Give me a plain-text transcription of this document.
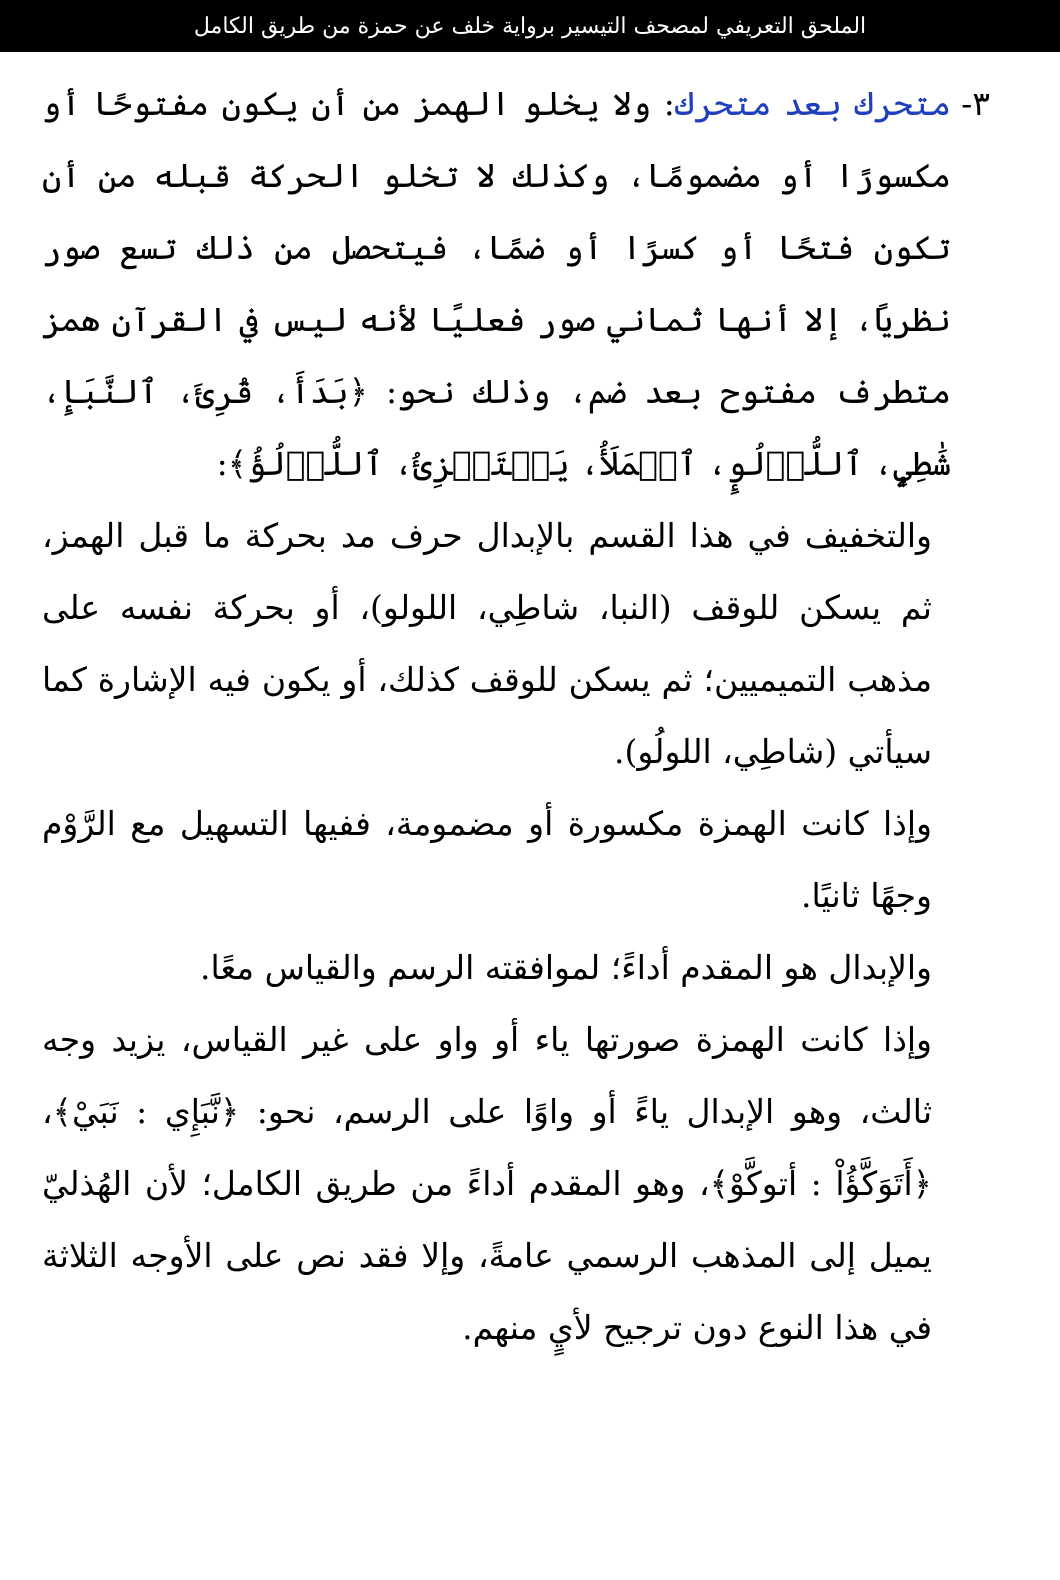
الملحق التعريفي لمصحف التيسير برواية خلف عن حمزة من طريق الكامل
٣-
متحرك بعد متحرك: ولا يخلو الهمز من أن يكون مفتوحًا أو مكسورًا أو مضمومًا، وكذلك لا تخلو الحركة قبله من أن تكون فتحًا أو كسرًا أو ضمًا، فيتحصل من ذلك تسع صور نظريًا، إلا أنها ثماني صور فعليًا لأنه ليس في القرآن همز متطرف مفتوح بعد ضم، وذلك نحو: ﴿بَدَأَ، قُرِئَ، ٱلنَّبَإِ، شَٰطِيِٕ، ٱللُّؤۡلُوِٕ، ٱلۡمَلَأُ، يَسۡتَهۡزِئُ، ٱللُّؤۡلُؤُ﴾:

والتخفيف في هذا القسم بالإبدال حرف مد بحركة ما قبل الهمز، ثم يسكن للوقف (النبا، شاطِي، اللولو)، أو بحركة نفسه على مذهب التميميين؛ ثم يسكن للوقف كذلك، أو يكون فيه الإشارة كما سيأتي (شاطِي، اللولُو).

وإذا كانت الهمزة مكسورة أو مضمومة، ففيها التسهيل مع الرَّوْم وجهًا ثانيًا.

والإبدال هو المقدم أداءً؛ لموافقته الرسم والقياس معًا.

وإذا كانت الهمزة صورتها ياء أو واو على غير القياس، يزيد وجه ثالث، وهو الإبدال ياءً أو واوًا على الرسم، نحو: ﴿نَّبَإِي : نَبَيْ﴾، ﴿أَتَوَكَّؤُاْ : أتوكَّوْ﴾، وهو المقدم أداءً من طريق الكامل؛ لأن الهُذليّ يميل إلى المذهب الرسمي عامةً، وإلا فقد نص على الأوجه الثلاثة في هذا النوع دون ترجيح لأيٍ منهم.
